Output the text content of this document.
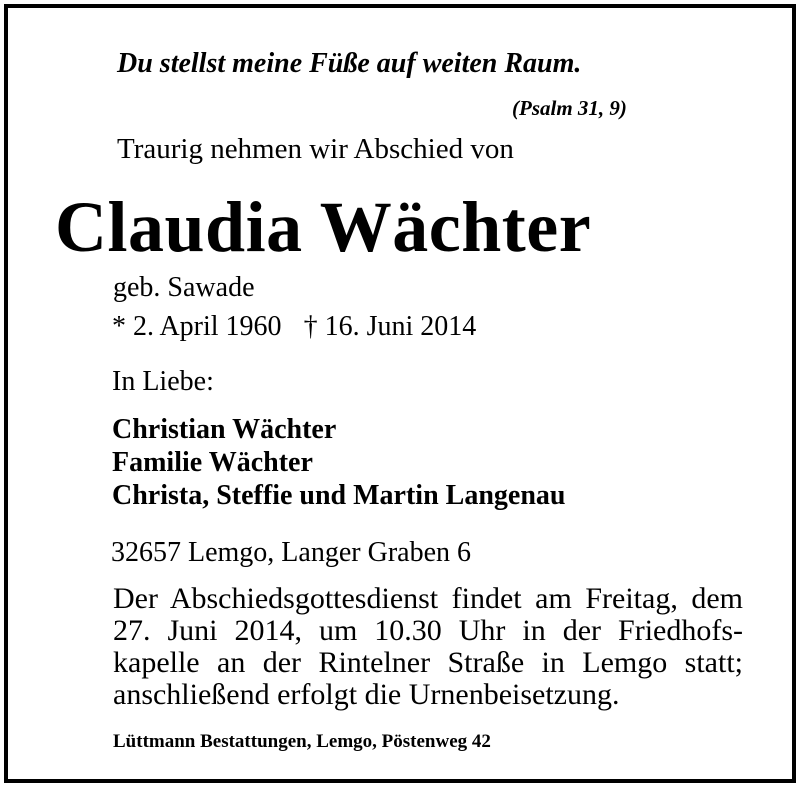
Du stellst meine Füße auf weiten Raum.

(Psalm 31, 9)

Traurig nehmen wir Abschied von

Claudia Wächter

geb. Sawade

* 2. April 1960 † 16. Juni 2014

In Liebe:

Christian Wächter
Familie Wächter
Christa, Steffie und Martin Langenau

32657 Lemgo, Langer Graben 6

Der Abschiedsgottesdienst findet am Freitag, dem
27. Juni 2014, um 10.30 Uhr in der Friedhofs-
kapelle an der Rintelner Straße in Lemgo statt;
anschließend erfolgt die Urnenbeisetzung.

Lüttmann Bestattungen, Lemgo, Pöstenweg 42
